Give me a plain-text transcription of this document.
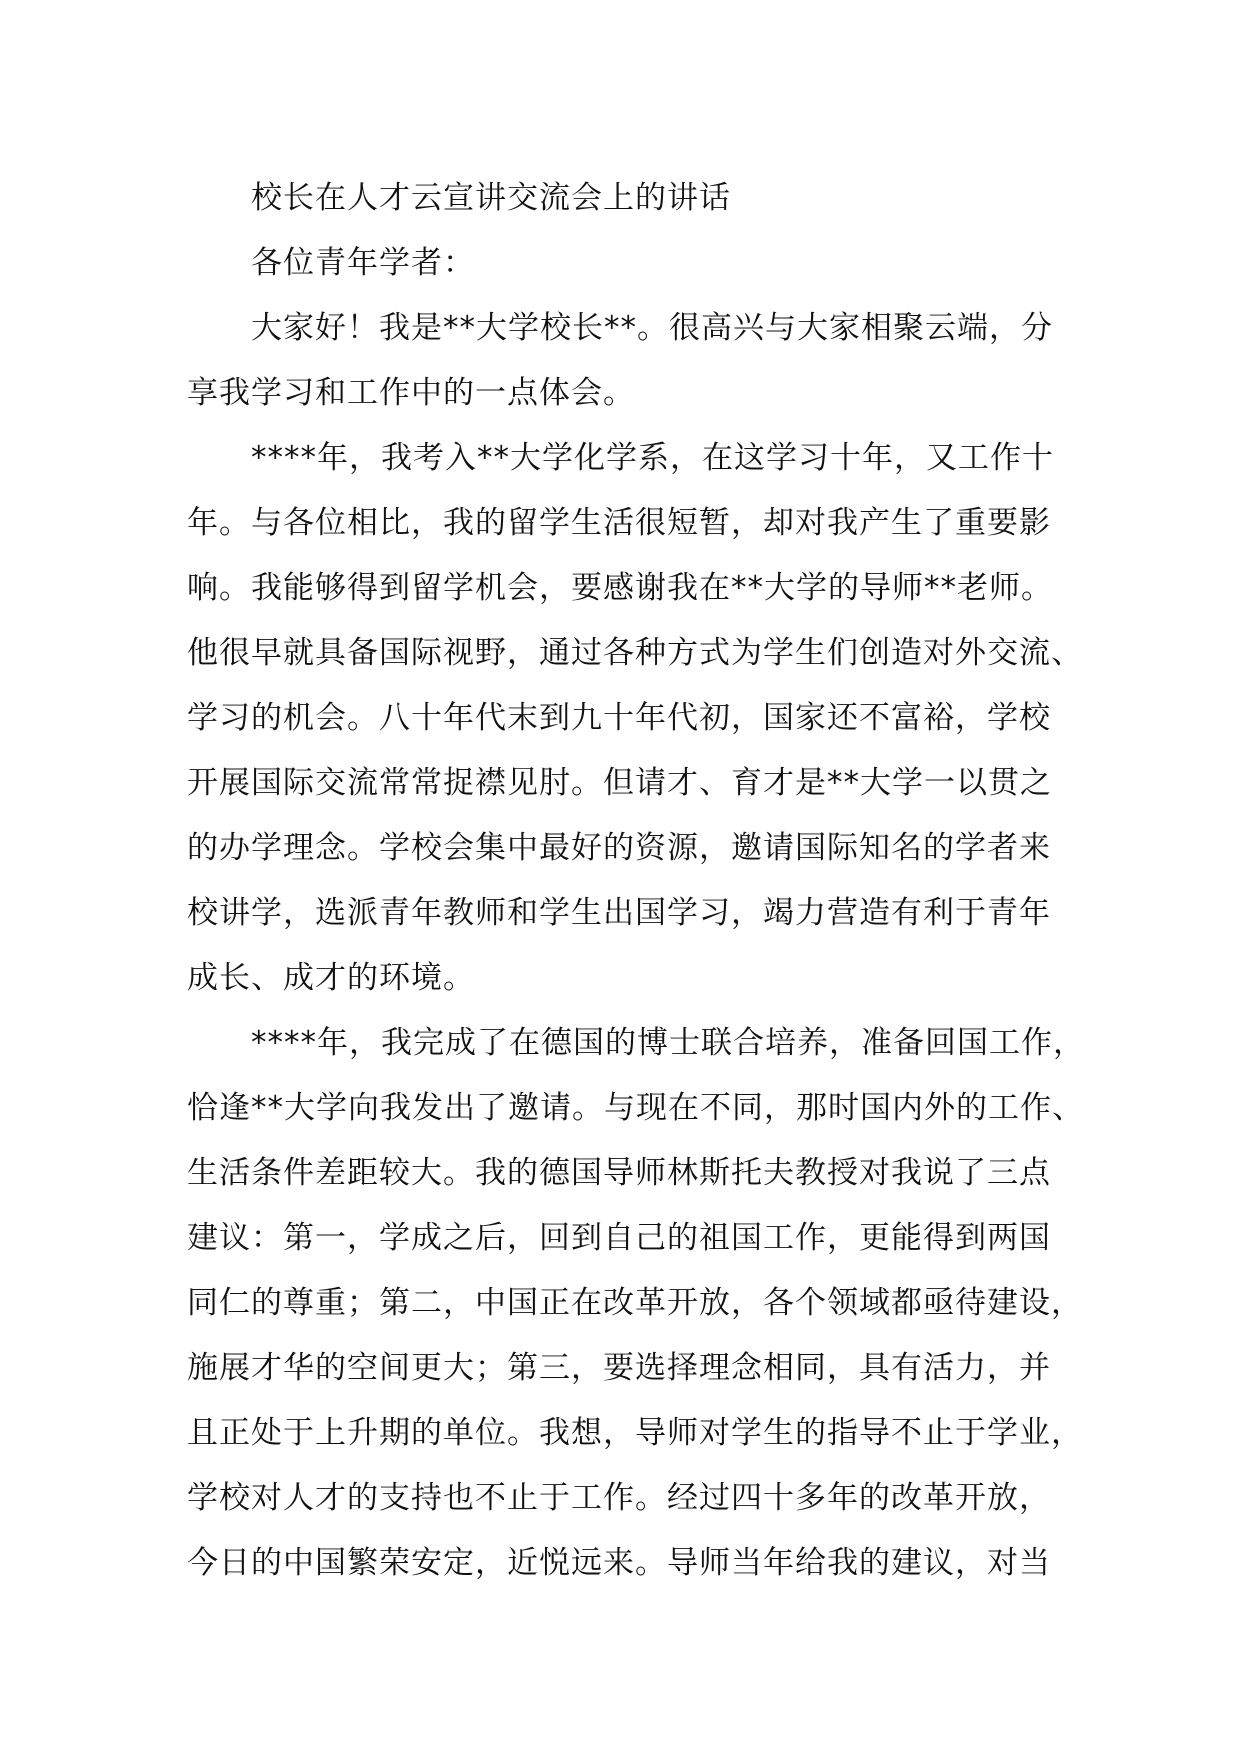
校长在人才云宣讲交流会上的讲话

各位青年学者：

大家好！我是**大学校长**。很高兴与大家相聚云端，分
享我学习和工作中的一点体会。

****年，我考入**大学化学系，在这学习十年，又工作十
年。与各位相比，我的留学生活很短暂，却对我产生了重要影
响。我能够得到留学机会，要感谢我在**大学的导师**老师。
他很早就具备国际视野，通过各种方式为学生们创造对外交流、
学习的机会。八十年代末到九十年代初，国家还不富裕，学校
开展国际交流常常捉襟见肘。但请才、育才是**大学一以贯之
的办学理念。学校会集中最好的资源，邀请国际知名的学者来
校讲学，选派青年教师和学生出国学习，竭力营造有利于青年
成长、成才的环境。

****年，我完成了在德国的博士联合培养，准备回国工作，
恰逢**大学向我发出了邀请。与现在不同，那时国内外的工作、
生活条件差距较大。我的德国导师林斯托夫教授对我说了三点
建议：第一，学成之后，回到自己的祖国工作，更能得到两国
同仁的尊重；第二，中国正在改革开放，各个领域都亟待建设，
施展才华的空间更大；第三，要选择理念相同，具有活力，并
且正处于上升期的单位。我想，导师对学生的指导不止于学业，
学校对人才的支持也不止于工作。经过四十多年的改革开放，
今日的中国繁荣安定，近悦远来。导师当年给我的建议，对当
